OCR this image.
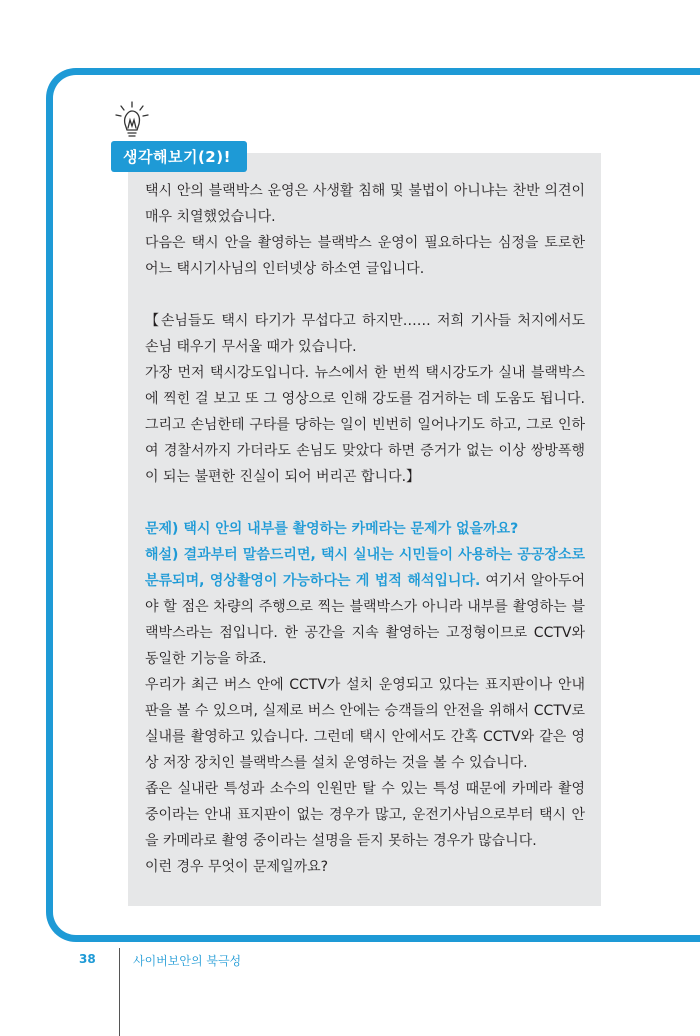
생각해보기(2)!

택시 안의 블랙박스 운영은 사생활 침해 및 불법이 아니냐는 찬반 의견이 매우 치열했었습니다.

다음은 택시 안을 촬영하는 블랙박스 운영이 필요하다는 심정을 토로한 어느 택시기사님의 인터넷상 하소연 글입니다.

【손님들도 택시 타기가 무섭다고 하지만…… 저희 기사들 처지에서도 손님 태우기 무서울 때가 있습니다.

가장 먼저 택시강도입니다. 뉴스에서 한 번씩 택시강도가 실내 블랙박스에 찍힌 걸 보고 또 그 영상으로 인해 강도를 검거하는 데 도움도 됩니다. 그리고 손님한테 구타를 당하는 일이 빈번히 일어나기도 하고, 그로 인하여 경찰서까지 가더라도 손님도 맞았다 하면 증거가 없는 이상 쌍방폭행이 되는 불편한 진실이 되어 버리곤 합니다.】

문제) 택시 안의 내부를 촬영하는 카메라는 문제가 없을까요?

해설) 결과부터 말씀드리면, 택시 실내는 시민들이 사용하는 공공장소로 분류되며, 영상촬영이 가능하다는 게 법적 해석입니다. 여기서 알아두어야 할 점은 차량의 주행으로 찍는 블랙박스가 아니라 내부를 촬영하는 블랙박스라는 점입니다. 한 공간을 지속 촬영하는 고정형이므로 CCTV와 동일한 기능을 하죠.

우리가 최근 버스 안에 CCTV가 설치 운영되고 있다는 표지판이나 안내판을 볼 수 있으며, 실제로 버스 안에는 승객들의 안전을 위해서 CCTV로 실내를 촬영하고 있습니다. 그런데 택시 안에서도 간혹 CCTV와 같은 영상 저장 장치인 블랙박스를 설치 운영하는 것을 볼 수 있습니다.

좁은 실내란 특성과 소수의 인원만 탈 수 있는 특성 때문에 카메라 촬영중이라는 안내 표지판이 없는 경우가 많고, 운전기사님으로부터 택시 안을 카메라로 촬영 중이라는 설명을 듣지 못하는 경우가 많습니다.

이런 경우 무엇이 문제일까요?

38	사이버보안의 북극성
